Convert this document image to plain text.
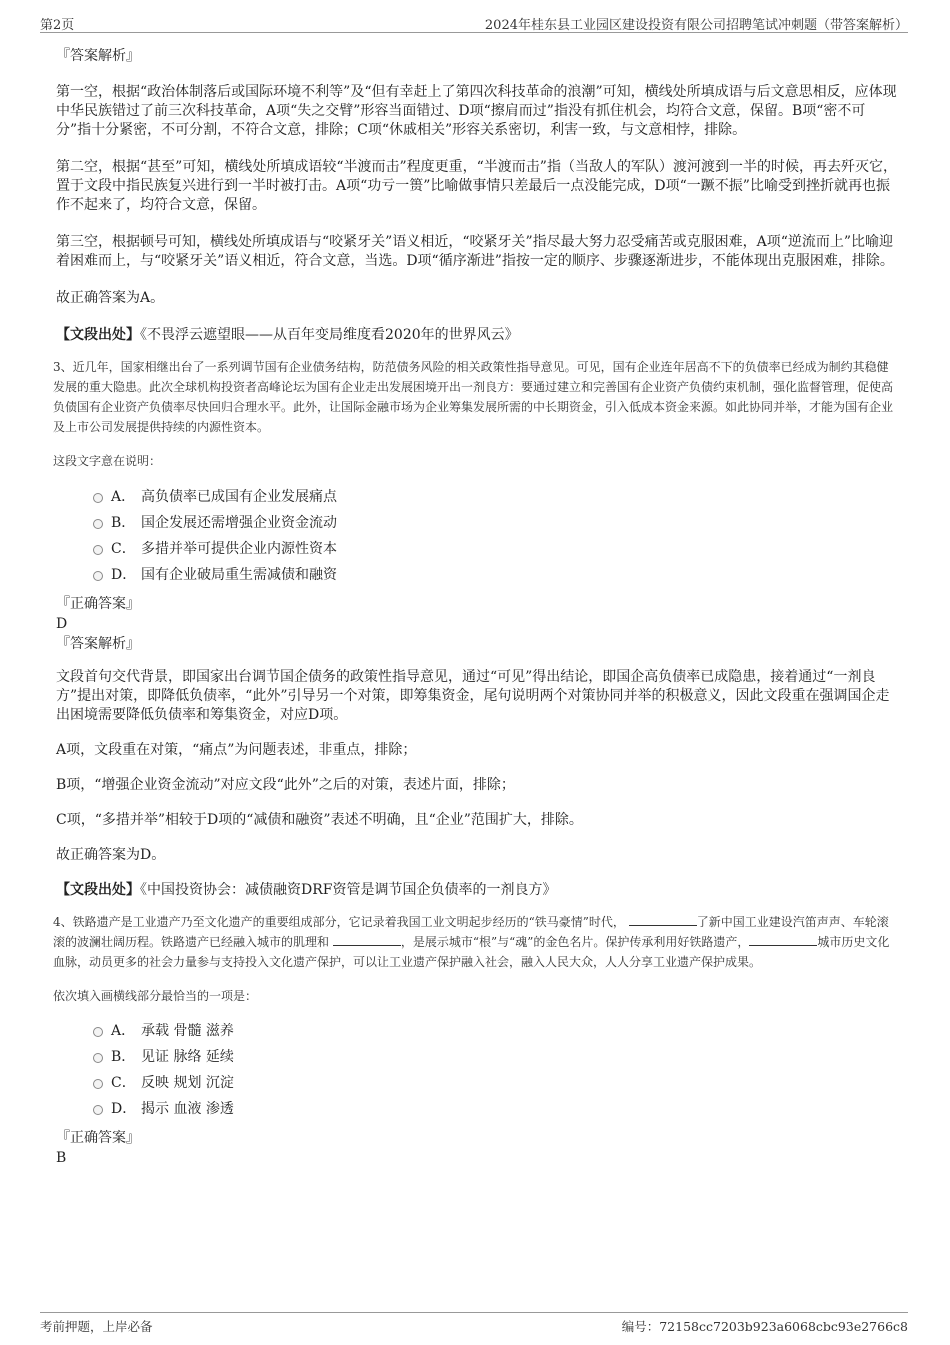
第2页	2024年桂东县工业园区建设投资有限公司招聘笔试冲刺题（带答案解析）
『答案解析』

第一空，根据“政治体制落后或国际环境不利等”及“但有幸赶上了第四次科技革命的浪潮”可知，横线处所填成语与后文意思相反，应体现中华民族错过了前三次科技革命，A项“失之交臂”形容当面错过、D项“擦肩而过”指没有抓住机会，均符合文意，保留。B项“密不可分”指十分紧密，不可分割，不符合文意，排除；C项“休戚相关”形容关系密切，利害一致，与文意相悖，排除。

第二空，根据“甚至”可知，横线处所填成语较“半渡而击”程度更重，“半渡而击”指（当敌人的军队）渡河渡到一半的时候，再去歼灭它，置于文段中指民族复兴进行到一半时被打击。A项“功亏一篑”比喻做事情只差最后一点没能完成，D项“一蹶不振”比喻受到挫折就再也振作不起来了，均符合文意，保留。

第三空，根据顿号可知，横线处所填成语与“咬紧牙关”语义相近，“咬紧牙关”指尽最大努力忍受痛苦或克服困难，A项“逆流而上”比喻迎着困难而上，与“咬紧牙关”语义相近，符合文意，当选。D项“循序渐进”指按一定的顺序、步骤逐渐进步，不能体现出克服困难，排除。

故正确答案为A。

【文段出处】《不畏浮云遮望眼——从百年变局维度看2020年的世界风云》

3、近几年，国家相继出台了一系列调节国有企业债务结构，防范债务风险的相关政策性指导意见。可见，国有企业连年居高不下的负债率已经成为制约其稳健发展的重大隐患。此次全球机构投资者高峰论坛为国有企业走出发展困境开出一剂良方：要通过建立和完善国有企业资产负债约束机制，强化监督管理，促使高负债国有企业资产负债率尽快回归合理水平。此外，让国际金融市场为企业筹集发展所需的中长期资金，引入低成本资金来源。如此协同并举，才能为国有企业及上市公司发展提供持续的内源性资本。

这段文字意在说明：

A． 高负债率已成国有企业发展痛点
B． 国企发展还需增强企业资金流动
C． 多措并举可提供企业内源性资本
D． 国有企业破局重生需减债和融资
『正确答案』
D
『答案解析』

文段首句交代背景，即国家出台调节国企债务的政策性指导意见，通过“可见”得出结论，即国企高负债率已成隐患，接着通过“一剂良方”提出对策，即降低负债率，“此外”引导另一个对策，即筹集资金，尾句说明两个对策协同并举的积极意义，因此文段重在强调国企走出困境需要降低负债率和筹集资金，对应D项。

A项，文段重在对策，“痛点”为问题表述，非重点，排除；

B项，“增强企业资金流动”对应文段“此外”之后的对策，表述片面，排除；

C项，“多措并举”相较于D项的“减债和融资”表述不明确，且“企业”范围扩大，排除。

故正确答案为D。

【文段出处】《中国投资协会：减债融资DRF资管是调节国企负债率的一剂良方》

4、铁路遗产是工业遗产乃至文化遗产的重要组成部分，它记录着我国工业文明起步经历的“铁马豪情”时代，	了新中国工业建设汽笛声声、车轮滚滚的波澜壮阔历程。铁路遗产已经融入城市的肌理和	，是展示城市“根”与“魂”的金色名片。保护传承利用好铁路遗产，	城市历史文化血脉，动员更多的社会力量参与支持投入文化遗产保护，可以让工业遗产保护融入社会，融入人民大众，人人分享工业遗产保护成果。

依次填入画横线部分最恰当的一项是：

A． 承载 骨髓 滋养
B． 见证 脉络 延续
C． 反映 规划 沉淀
D． 揭示 血液 渗透
『正确答案』
B
考前押题，上岸必备	编号：72158cc7203b923a6068cbc93e2766c8
